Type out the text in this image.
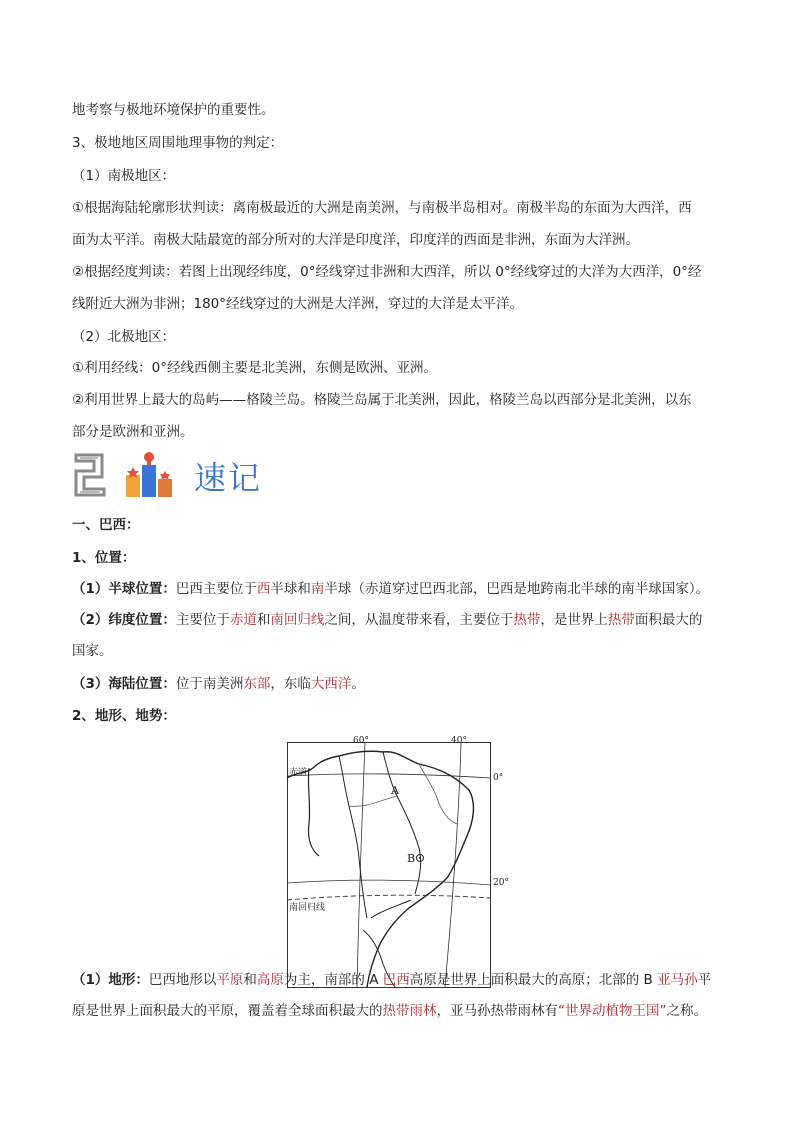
地考察与极地环境保护的重要性。
3、极地地区周围地理事物的判定：
（1）南极地区：
①根据海陆轮廓形状判读：离南极最近的大洲是南美洲，与南极半岛相对。南极半岛的东面为大西洋，西
面为太平洋。南极大陆最宽的部分所对的大洋是印度洋，印度洋的西面是非洲，东面为大洋洲。
②根据经度判读：若图上出现经纬度，0°经线穿过非洲和大西洋，所以 0°经线穿过的大洋为大西洋，0°经
线附近大洲为非洲；180°经线穿过的大洲是大洋洲，穿过的大洋是太平洋。
（2）北极地区：
①利用经线：0°经线西侧主要是北美洲，东侧是欧洲、亚洲。
②利用世界上最大的岛屿——格陵兰岛。格陵兰岛属于北美洲，因此，格陵兰岛以西部分是北美洲，以东
部分是欧洲和亚洲。
速记
一、巴西：
1、位置：
（1）半球位置：巴西主要位于西半球和南半球（赤道穿过巴西北部，巴西是地跨南北半球的南半球国家）。
（2）纬度位置：主要位于赤道和南回归线之间，从温度带来看，主要位于热带，是世界上热带面积最大的
国家。
（3）海陆位置：位于南美洲东部，东临大西洋。
2、地形、地势：
60°	40°
0°
20°
赤道
南回归线
A
B
（1）地形：巴西地形以平原和高原为主，南部的 A 巴西高原是世界上面积最大的高原；北部的 B 亚马孙平
原是世界上面积最大的平原，覆盖着全球面积最大的热带雨林，亚马孙热带雨林有“世界动植物王国”之称。
